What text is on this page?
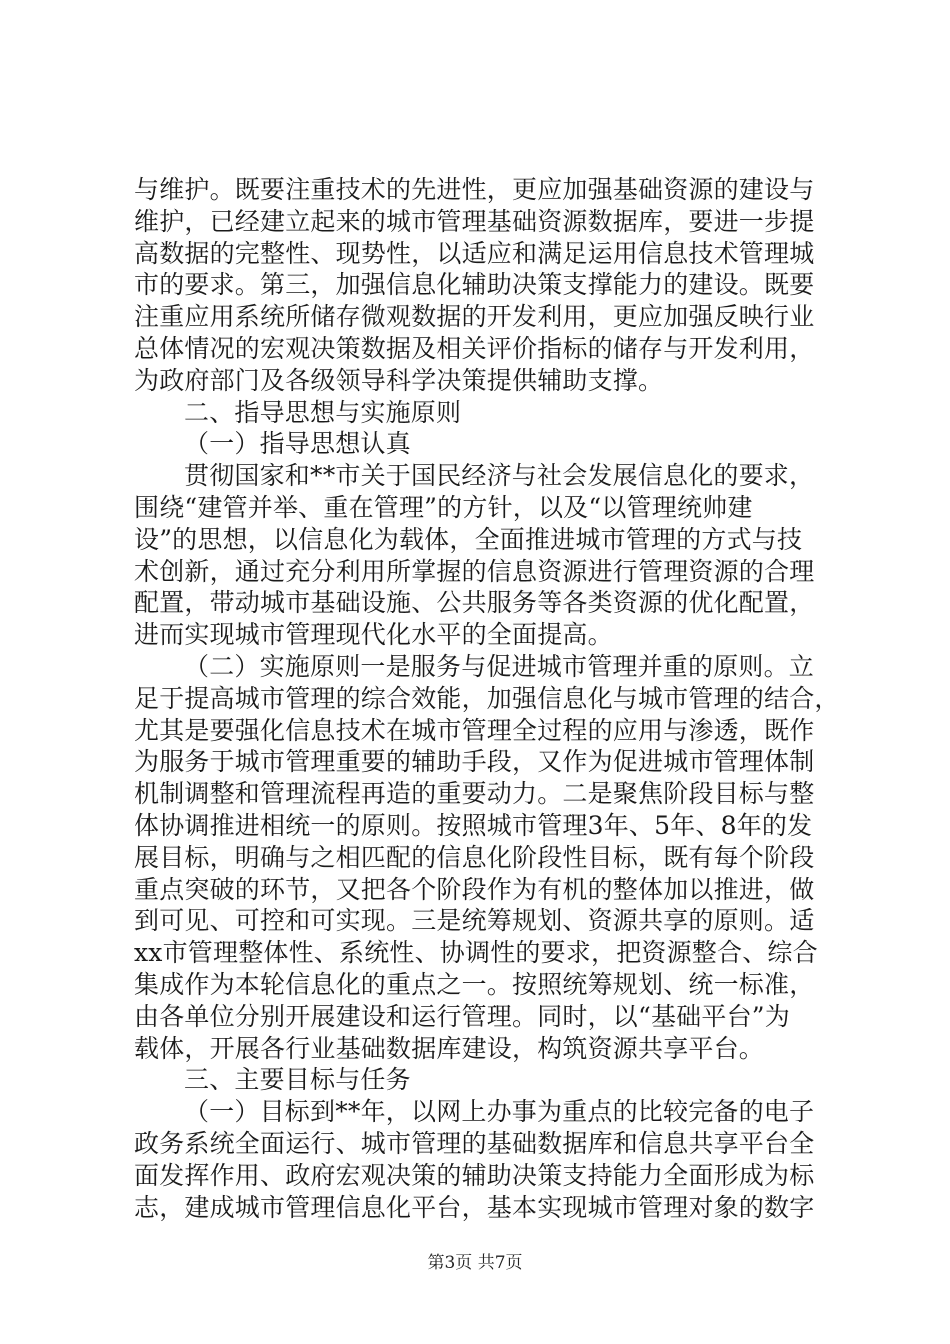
与维护。既要注重技术的先进性，更应加强基础资源的建设与
维护，已经建立起来的城市管理基础资源数据库，要进一步提
高数据的完整性、现势性，以适应和满足运用信息技术管理城
市的要求。第三，加强信息化辅助决策支撑能力的建设。既要
注重应用系统所储存微观数据的开发利用，更应加强反映行业
总体情况的宏观决策数据及相关评价指标的储存与开发利用，
为政府部门及各级领导科学决策提供辅助支撑。
二、指导思想与实施原则
（一）指导思想认真
贯彻国家和**市关于国民经济与社会发展信息化的要求，
围绕“建管并举、重在管理”的方针，以及“以管理统帅建
设”的思想，以信息化为载体，全面推进城市管理的方式与技
术创新，通过充分利用所掌握的信息资源进行管理资源的合理
配置，带动城市基础设施、公共服务等各类资源的优化配置，
进而实现城市管理现代化水平的全面提高。
（二）实施原则一是服务与促进城市管理并重的原则。立
足于提高城市管理的综合效能，加强信息化与城市管理的结合，
尤其是要强化信息技术在城市管理全过程的应用与渗透，既作
为服务于城市管理重要的辅助手段，又作为促进城市管理体制
机制调整和管理流程再造的重要动力。二是聚焦阶段目标与整
体协调推进相统一的原则。按照城市管理3年、5年、8年的发
展目标，明确与之相匹配的信息化阶段性目标，既有每个阶段
重点突破的环节，又把各个阶段作为有机的整体加以推进，做
到可见、可控和可实现。三是统筹规划、资源共享的原则。适
xx市管理整体性、系统性、协调性的要求，把资源整合、综合
集成作为本轮信息化的重点之一。按照统筹规划、统一标准，
由各单位分别开展建设和运行管理。同时，以“基础平台”为
载体，开展各行业基础数据库建设，构筑资源共享平台。
三、主要目标与任务
（一）目标到**年，以网上办事为重点的比较完备的电子
政务系统全面运行、城市管理的基础数据库和信息共享平台全
面发挥作用、政府宏观决策的辅助决策支持能力全面形成为标
志，建成城市管理信息化平台，基本实现城市管理对象的数字
第3页 共7页
